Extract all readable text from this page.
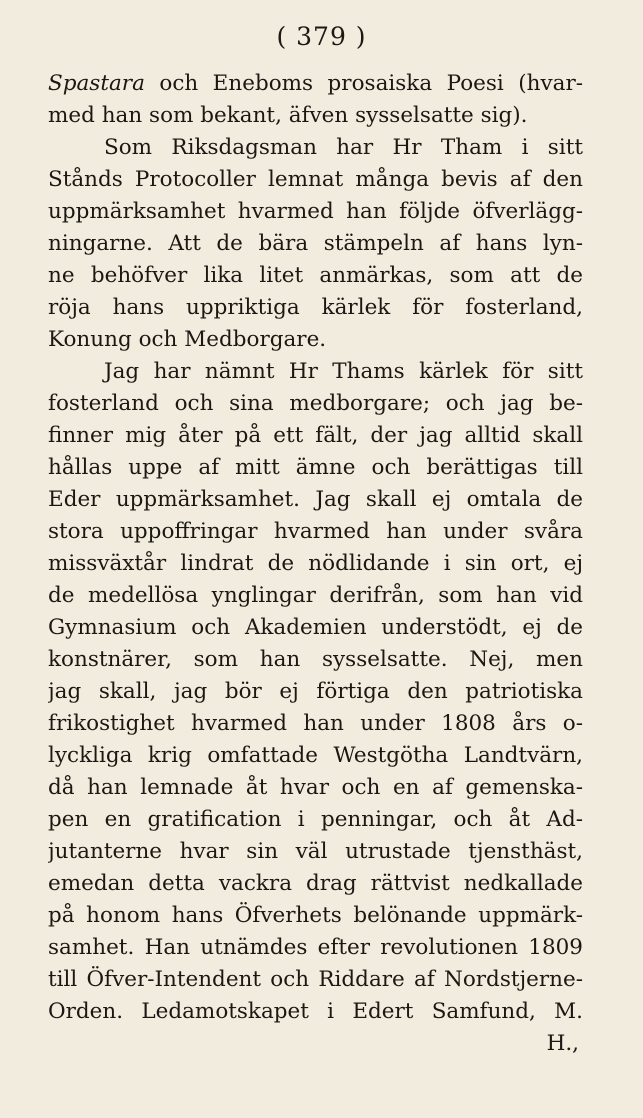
( 379 )
Spastara och Eneboms prosaiska Poesi (hvar-
med han som bekant, äfven sysselsatte sig).
Som Riksdagsman har Hr Tham i sitt
Stånds Protocoller lemnat många bevis af den
uppmärksamhet hvarmed han följde öfverlägg-
ningarne. Att de bära stämpeln af hans lyn-
ne behöfver lika litet anmärkas, som att de
röja hans uppriktiga kärlek för fosterland,
Konung och Medborgare.
Jag har nämnt Hr Thams kärlek för sitt
fosterland och sina medborgare; och jag be-
finner mig åter på ett fält, der jag alltid skall
hållas uppe af mitt ämne och berättigas till
Eder uppmärksamhet. Jag skall ej omtala de
stora uppoffringar hvarmed han under svåra
missväxtår lindrat de nödlidande i sin ort, ej
de medellösa ynglingar derifrån, som han vid
Gymnasium och Akademien understödt, ej de
konstnärer, som han sysselsatte. Nej, men
jag skall, jag bör ej förtiga den patriotiska
frikostighet hvarmed han under 1808 års o-
lyckliga krig omfattade Westgötha Landtvärn,
då han lemnade åt hvar och en af gemenska-
pen en gratification i penningar, och åt Ad-
jutanterne hvar sin väl utrustade tjensthäst,
emedan detta vackra drag rättvist nedkallade
på honom hans Öfverhets belönande uppmärk-
samhet. Han utnämdes efter revolutionen 1809
till Öfver-Intendent och Riddare af Nordstjerne-
Orden. Ledamotskapet i Edert Samfund, M.
H.,
